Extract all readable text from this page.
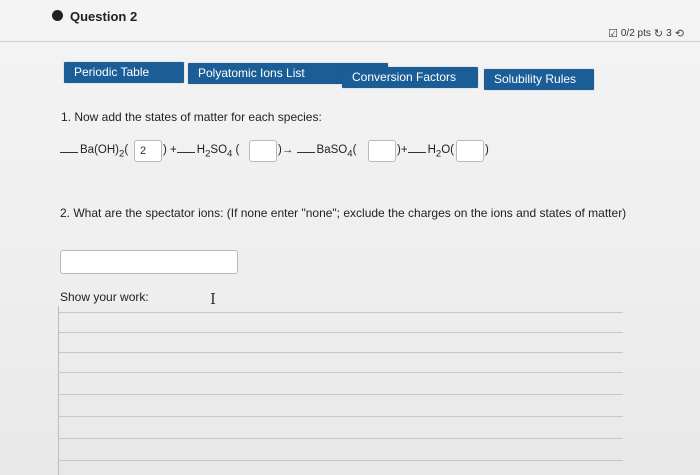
Question 2
☑ 0/2 pts ↻ 3 ⟲
Periodic Table	Polyatomic Ions List	Conversion Factors	Solubility Rules
1. Now add the states of matter for each species:
$Ba(OH)_2$(	2	) + $H_2SO_4$ (	)→ BaSO$_4$(	)+ $H_2O$(	)
2. What are the spectator ions: (If none enter "none"; exclude the charges on the ions and states of matter)
Show your work:	I
